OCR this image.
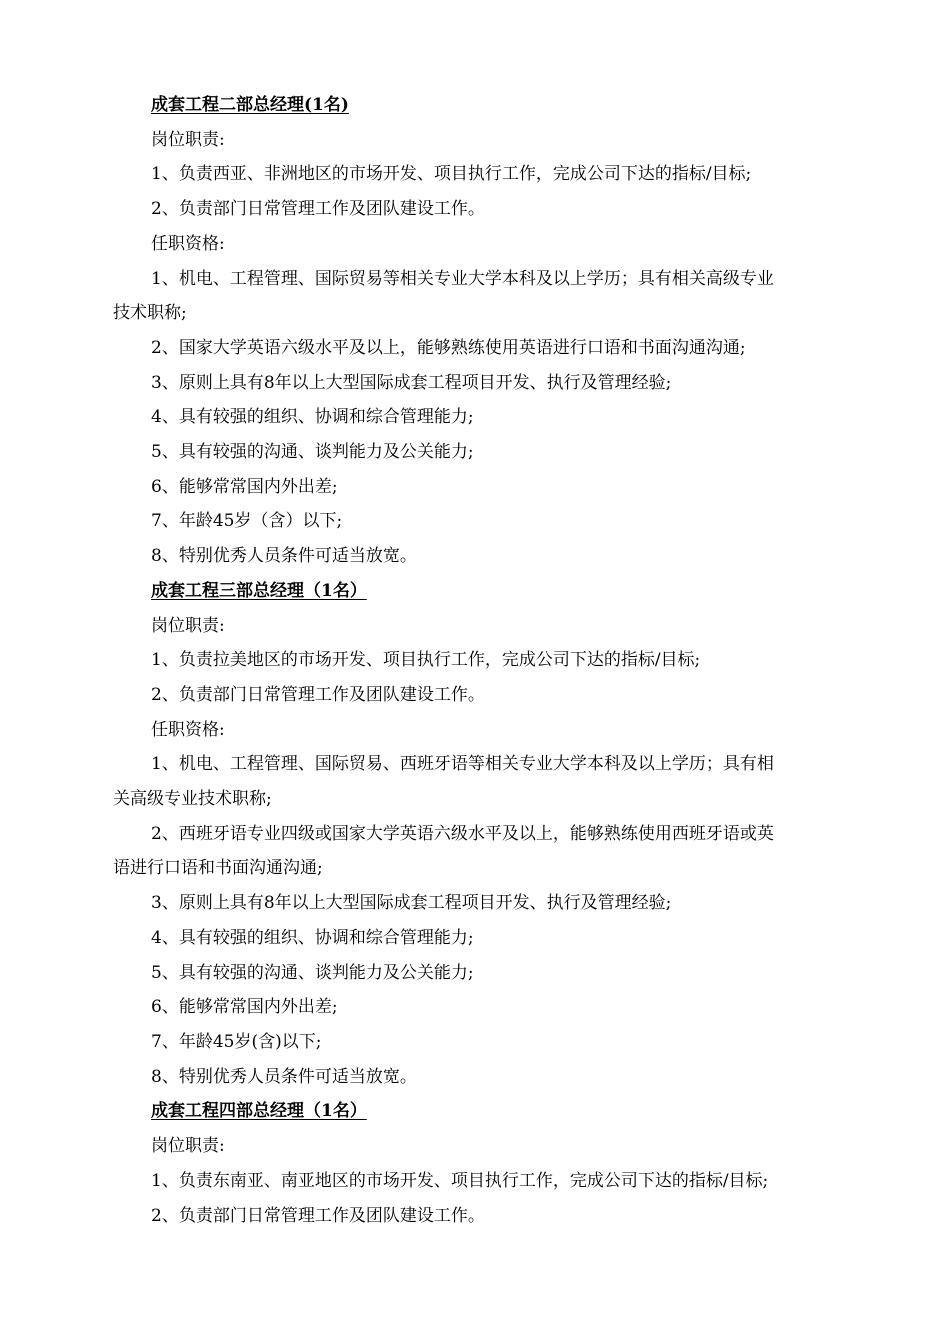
成套工程二部总经理(1名)

岗位职责:

1、负责西亚、非洲地区的市场开发、项目执行工作，完成公司下达的指标/目标;

2、负责部门日常管理工作及团队建设工作。

任职资格:

1、机电、工程管理、国际贸易等相关专业大学本科及以上学历；具有相关高级专业

技术职称;

2、国家大学英语六级水平及以上，能够熟练使用英语进行口语和书面沟通沟通;

3、原则上具有8年以上大型国际成套工程项目开发、执行及管理经验;

4、具有较强的组织、协调和综合管理能力;

5、具有较强的沟通、谈判能力及公关能力;

6、能够常常国内外出差;

7、年龄45岁（含）以下;

8、特别优秀人员条件可适当放宽。

成套工程三部总经理（1名）

岗位职责:

1、负责拉美地区的市场开发、项目执行工作，完成公司下达的指标/目标;

2、负责部门日常管理工作及团队建设工作。

任职资格:

1、机电、工程管理、国际贸易、西班牙语等相关专业大学本科及以上学历；具有相

关高级专业技术职称;

2、西班牙语专业四级或国家大学英语六级水平及以上，能够熟练使用西班牙语或英

语进行口语和书面沟通沟通;

3、原则上具有8年以上大型国际成套工程项目开发、执行及管理经验;

4、具有较强的组织、协调和综合管理能力;

5、具有较强的沟通、谈判能力及公关能力;

6、能够常常国内外出差;

7、年龄45岁(含)以下;

8、特别优秀人员条件可适当放宽。

成套工程四部总经理（1名）

岗位职责:

1、负责东南亚、南亚地区的市场开发、项目执行工作，完成公司下达的指标/目标;

2、负责部门日常管理工作及团队建设工作。
